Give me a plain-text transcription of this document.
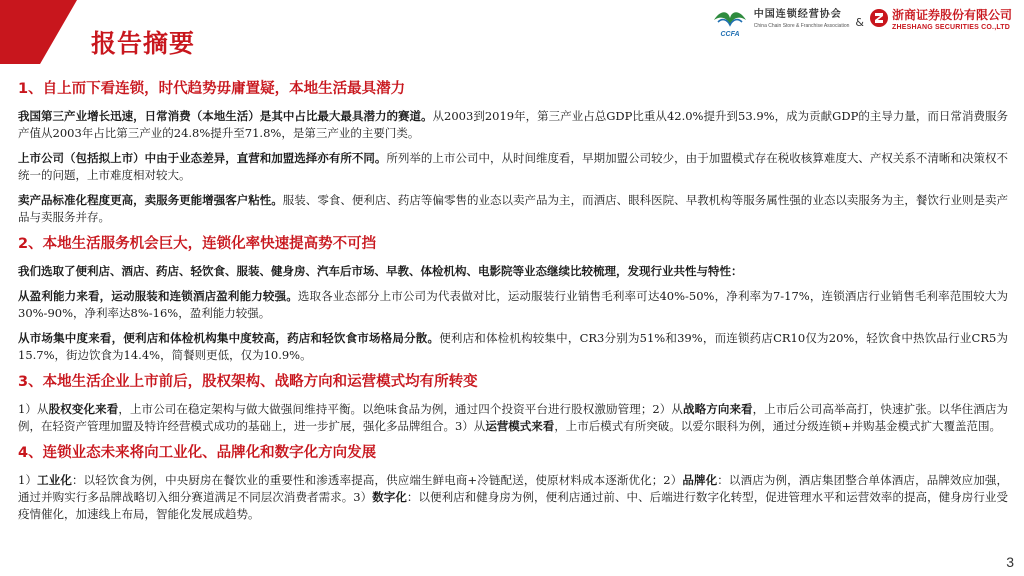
报告摘要	CCFA
中国连锁经营协会
China Chain Store & Franchise Association &
浙商证券股份有限公司
ZHESHANG SECURITIES CO.,LTD
1、自上而下看连锁，时代趋势毋庸置疑，本地生活最具潜力

我国第三产业增长迅速，日常消费（本地生活）是其中占比最大最具潜力的赛道。从2003到2019年，第三产业占总GDP比重从42.0%提升到53.9%，成为贡献GDP的主导力量，而日常消费服务产值从2003年占比第三产业的24.8%提升至71.8%，是第三产业的主要门类。

上市公司（包括拟上市）中由于业态差异，直营和加盟选择亦有所不同。所列举的上市公司中，从时间维度看，早期加盟公司较少，由于加盟模式存在税收核算难度大、产权关系不清晰和决策权不统一的问题，上市难度相对较大。

卖产品标准化程度更高，卖服务更能增强客户粘性。服装、零食、便利店、药店等偏零售的业态以卖产品为主，而酒店、眼科医院、早教机构等服务属性强的业态以卖服务为主，餐饮行业则是卖产品与卖服务并存。

2、本地生活服务机会巨大，连锁化率快速提高势不可挡

我们选取了便利店、酒店、药店、轻饮食、服装、健身房、汽车后市场、早教、体检机构、电影院等业态继续比较梳理，发现行业共性与特性：

从盈利能力来看，运动服装和连锁酒店盈利能力较强。选取各业态部分上市公司为代表做对比，运动服装行业销售毛利率可达40%-50%，净利率为7-17%，连锁酒店行业销售毛利率范围较大为30%-90%，净利率达8%-16%，盈利能力较强。

从市场集中度来看，便利店和体检机构集中度较高，药店和轻饮食市场格局分散。便利店和体检机构较集中，CR3分别为51%和39%，而连锁药店CR10仅为20%，轻饮食中热饮品行业CR5为15.7%，街边饮食为14.4%，简餐则更低，仅为10.9%。

3、本地生活企业上市前后，股权架构、战略方向和运营模式均有所转变

1）从股权变化来看，上市公司在稳定架构与做大做强间维持平衡。以绝味食品为例，通过四个投资平台进行股权激励管理；2）从战略方向来看，上市后公司高举高打，快速扩张。以华住酒店为例，在轻资产管理加盟及特许经营模式成功的基础上，进一步扩展，强化多品牌组合。3）从运营模式来看，上市后模式有所突破。以爱尔眼科为例，通过分级连锁+并购基金模式扩大覆盖范围。

4、连锁业态未来将向工业化、品牌化和数字化方向发展

1）工业化：以轻饮食为例，中央厨房在餐饮业的重要性和渗透率提高，供应端生鲜电商+冷链配送，使原材料成本逐渐优化；2）品牌化：以酒店为例，酒店集团整合单体酒店，品牌效应加强，通过并购实行多品牌战略切入细分赛道满足不同层次消费者需求。3）数字化：以便利店和健身房为例，便利店通过前、中、后端进行数字化转型，促进管理水平和运营效率的提高，健身房行业受疫情催化，加速线上布局，智能化发展成趋势。

3
